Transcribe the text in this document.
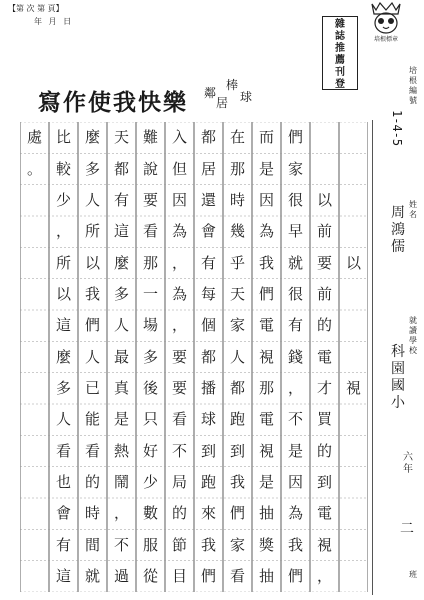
【第 次 第 頁】
年 月 日	雜
誌
推
薦
刊
登
培根標章
寫作使我快樂 鄰
居
棒
球
培根編號
1-4-5
姓名
周鴻儒
就讀學校
科園國小
六年
二
班
處 比 麼 天 難 入 都 在 而 們
。 較 多 都 說 但 居 那 是 家
少 人 有 要 因 還 時 因 很 以
， 所 這 看 為 會 幾 為 早 前
所 以 麼 那 ， 有 乎 我 就 要 以
以 我 多 一 為 每 天 們 很 前
這 們 人 場 ， 個 家 電 有 的
麼 人 最 多 要 都 人 視 錢 電
多 已 真 後 要 播 都 那 ， 才 視
人 能 是 只 看 球 跑 電 不 買
看 看 熱 好 不 到 到 視 是 的
也 的 鬧 少 局 跑 我 是 因 到
會 時 ， 數 的 來 們 抽 為 電
有 間 不 服 節 我 家 獎 我 視
這 就 過 從 目 們 看 抽 們 ，
